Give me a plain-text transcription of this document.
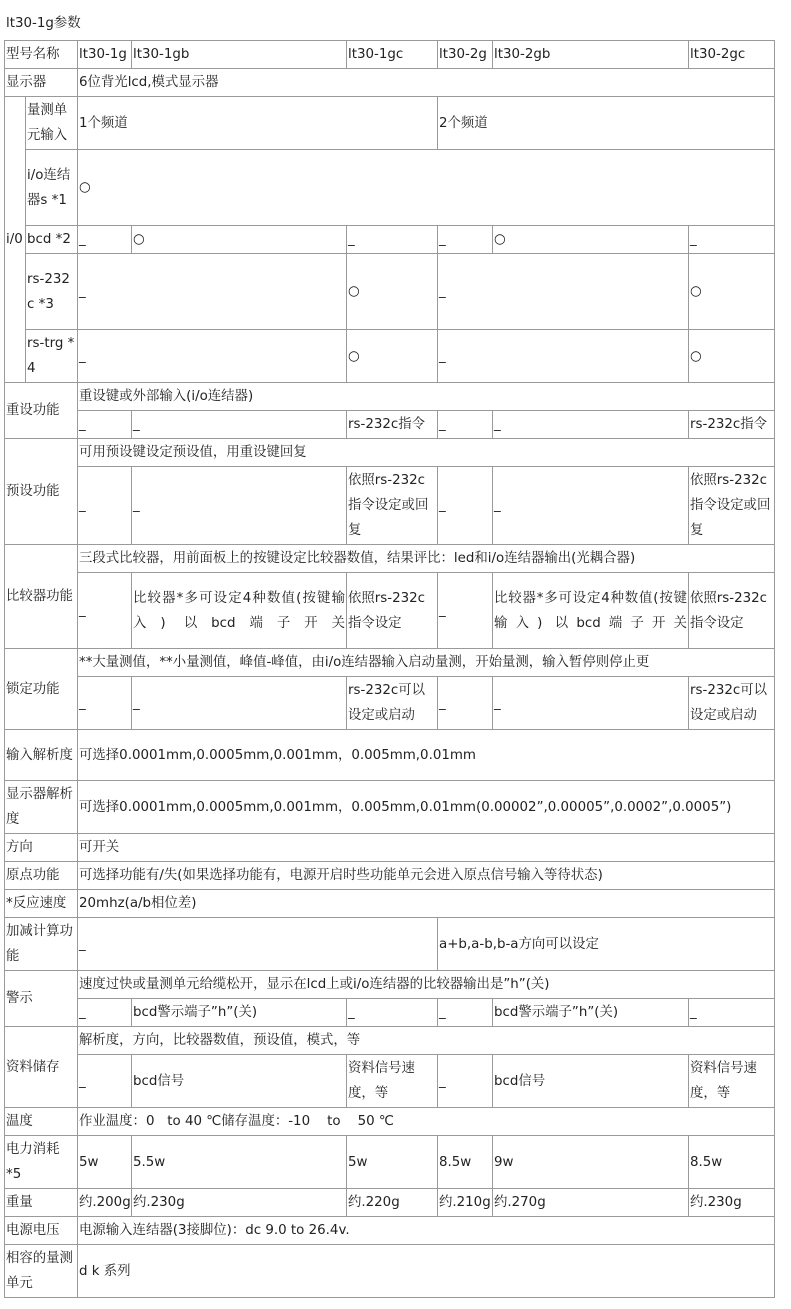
lt30-1g参数
型号名称		lt30-1g	lt30-1gb	lt30-1gc	lt30-2g	lt30-2gb	lt30-2gc
显示器		6位背光lcd,模式显示器					
i/0	量测单元输入	1个频道			2个频道		
	i/o连结器s *1	○					
	bcd *2	_	○	_	_	○	_
	rs-232c *3	_		○	_		○
	rs-trg *4	_		○	_		○
重设功能		重设键或外部输入(i/o连结器)					
		_	_	rs-232c指令	_	_	rs-232c指令
预设功能		可用预设键设定预设值，用重设键回复					
		_	_	依照rs-232c指令设定或回复	_	_	依照rs-232c指令设定或回复
比较器功能		三段式比较器，用前面板上的按键设定比较器数值，结果评比：led和i/o连结器输出(光耦合器)					
		_	比较器*多可设定4种数值(按键输入) 以bcd端子开关	依照rs-232c指令设定	_	比较器*多可设定4种数值(按键输入) 以bcd端子开关	依照rs-232c指令设定
锁定功能		**大量测值，**小量测值，峰值-峰值，由i/o连结器输入启动量测，开始量测，输入暂停则停止更					
		_	_	rs-232c可以设定或启动	_	_	rs-232c可以设定或启动
输入解析度		可选择0.0001mm,0.0005mm,0.001mm，0.005mm,0.01mm					
显示器解析度		可选择0.0001mm,0.0005mm,0.001mm，0.005mm,0.01mm(0.00002”,0.00005”,0.0002”,0.0005”)					
方向		可开关					
原点功能		可选择功能有/失(如果选择功能有，电源开启时些功能单元会进入原点信号输入等待状态)					
*反应速度		20mhz(a/b相位差)					
加减计算功能		_			a+b,a-b,b-a方向可以设定		
警示		速度过快或量测单元给缆松开，显示在lcd上或i/o连结器的比较器输出是”h”(关)					
		_	bcd警示端子”h”(关)	_	_	bcd警示端子”h”(关)	_
资料储存		解析度，方向，比较器数值，预设值，模式，等					
		_	bcd信号	资料信号速度，等	_	bcd信号	资料信号速度，等
温度		作业温度：0   to 40 ℃储存温度：-10    to    50 ℃					
电力消耗   *5		5w	5.5w	5w	8.5w	9w	8.5w
重量		约.200g	约.230g	约.220g	约.210g	约.270g	约.230g
电源电压		电源输入连结器(3接脚位)：dc 9.0 to 26.4v.					
相容的量测单元		d k 系列					
